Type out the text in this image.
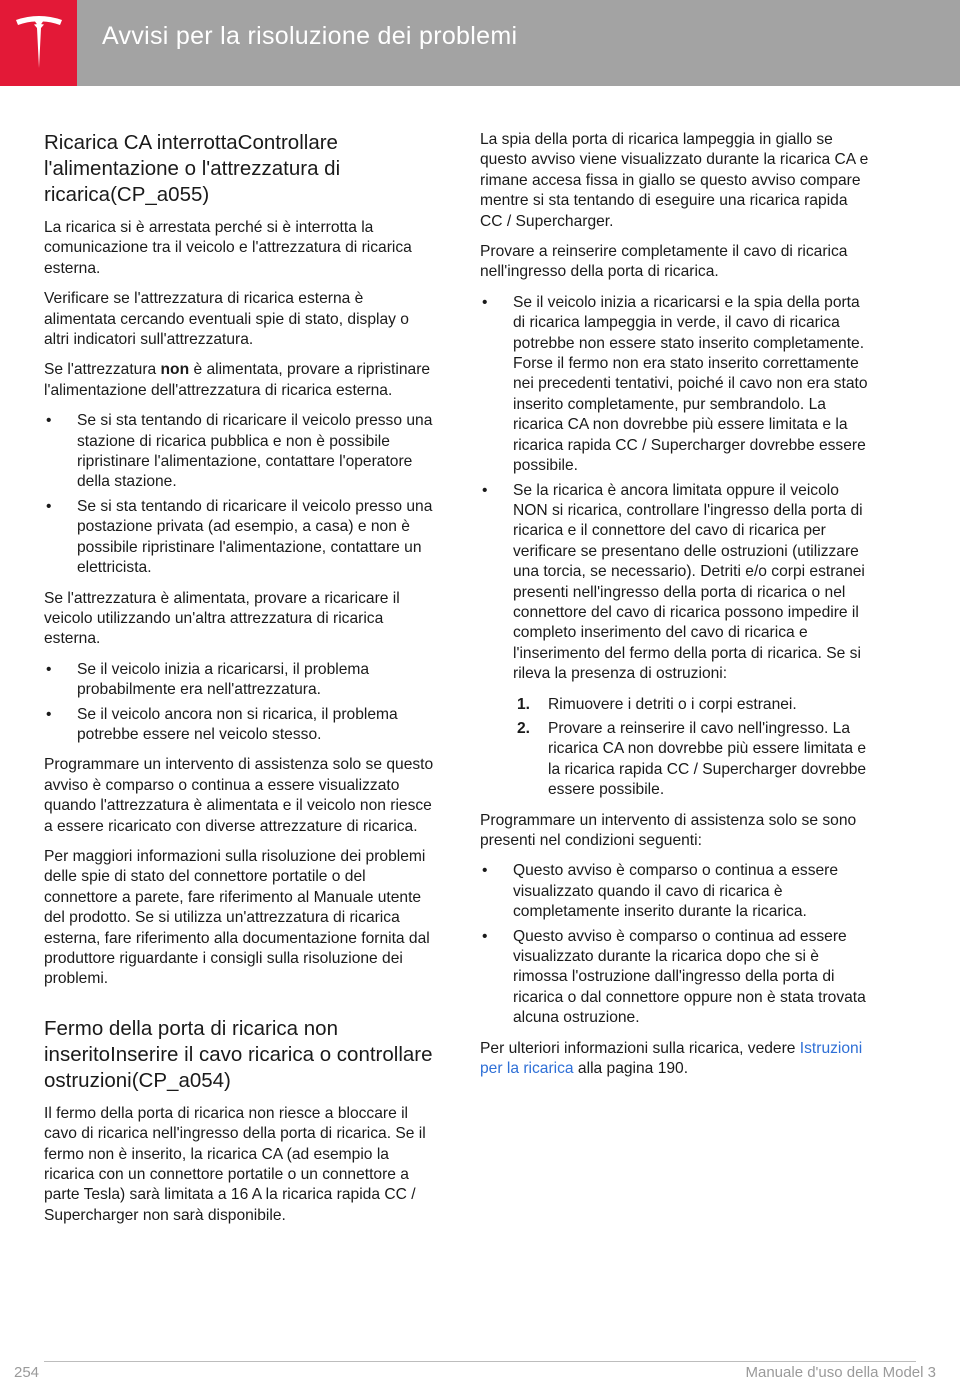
Avvisi per la risoluzione dei problemi
Ricarica CA interrottaControllare l'alimentazione o l'attrezzatura di ricarica(CP_a055)

La ricarica si è arrestata perché si è interrotta la comunicazione tra il veicolo e l'attrezzatura di ricarica esterna.

Verificare se l'attrezzatura di ricarica esterna è alimentata cercando eventuali spie di stato, display o altri indicatori sull'attrezzatura.

Se l'attrezzatura non è alimentata, provare a ripristinare l'alimentazione dell'attrezzatura di ricarica esterna.

• Se si sta tentando di ricaricare il veicolo presso una stazione di ricarica pubblica e non è possibile ripristinare l'alimentazione, contattare l'operatore della stazione.
• Se si sta tentando di ricaricare il veicolo presso una postazione privata (ad esempio, a casa) e non è possibile ripristinare l'alimentazione, contattare un elettricista.

Se l'attrezzatura è alimentata, provare a ricaricare il veicolo utilizzando un'altra attrezzatura di ricarica esterna.

• Se il veicolo inizia a ricaricarsi, il problema probabilmente era nell'attrezzatura.
• Se il veicolo ancora non si ricarica, il problema potrebbe essere nel veicolo stesso.

Programmare un intervento di assistenza solo se questo avviso è comparso o continua a essere visualizzato quando l'attrezzatura è alimentata e il veicolo non riesce a essere ricaricato con diverse attrezzature di ricarica.

Per maggiori informazioni sulla risoluzione dei problemi delle spie di stato del connettore portatile o del connettore a parete, fare riferimento al Manuale utente del prodotto. Se si utilizza un'attrezzatura di ricarica esterna, fare riferimento alla documentazione fornita dal produttore riguardante i consigli sulla risoluzione dei problemi.

Fermo della porta di ricarica non inseritoInserire il cavo ricarica o controllare ostruzioni(CP_a054)

Il fermo della porta di ricarica non riesce a bloccare il cavo di ricarica nell'ingresso della porta di ricarica. Se il fermo non è inserito, la ricarica CA (ad esempio la ricarica con un connettore portatile o un connettore a parte Tesla) sarà limitata a 16 A la ricarica rapida CC / Supercharger non sarà disponibile.

La spia della porta di ricarica lampeggia in giallo se questo avviso viene visualizzato durante la ricarica CA e rimane accesa fissa in giallo se questo avviso compare mentre si sta tentando di eseguire una ricarica rapida CC / Supercharger.

Provare a reinserire completamente il cavo di ricarica nell'ingresso della porta di ricarica.

• Se il veicolo inizia a ricaricarsi e la spia della porta di ricarica lampeggia in verde, il cavo di ricarica potrebbe non essere stato inserito completamente. Forse il fermo non era stato inserito correttamente nei precedenti tentativi, poiché il cavo non era stato inserito completamente, pur sembrandolo. La ricarica CA non dovrebbe più essere limitata e la ricarica rapida CC / Supercharger dovrebbe essere possibile.
• Se la ricarica è ancora limitata oppure il veicolo NON si ricarica, controllare l'ingresso della porta di ricarica e il connettore del cavo di ricarica per verificare se presentano delle ostruzioni (utilizzare una torcia, se necessario). Detriti e/o corpi estranei presenti nell'ingresso della porta di ricarica o nel connettore del cavo di ricarica possono impedire il completo inserimento del cavo di ricarica e l'inserimento del fermo della porta di ricarica. Se si rileva la presenza di ostruzioni:
1. Rimuovere i detriti o i corpi estranei.
2. Provare a reinserire il cavo nell'ingresso. La ricarica CA non dovrebbe più essere limitata e la ricarica rapida CC / Supercharger dovrebbe essere possibile.

Programmare un intervento di assistenza solo se sono presenti nel condizioni seguenti:

• Questo avviso è comparso o continua a essere visualizzato quando il cavo di ricarica è completamente inserito durante la ricarica.
• Questo avviso è comparso o continua ad essere visualizzato durante la ricarica dopo che si è rimossa l'ostruzione dall'ingresso della porta di ricarica o dal connettore oppure non è stata trovata alcuna ostruzione.

Per ulteriori informazioni sulla ricarica, vedere Istruzioni per la ricarica alla pagina 190.

254	Manuale d'uso della Model 3
